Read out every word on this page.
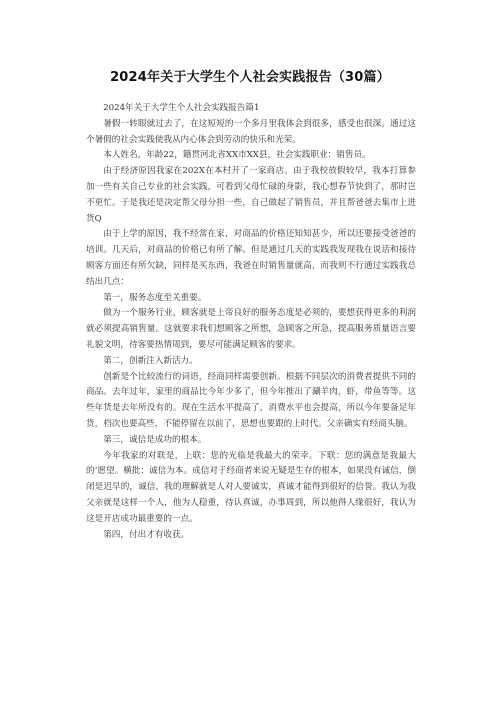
2024年关于大学生个人社会实践报告（30篇）

2024年关于大学生个人社会实践报告篇1

暑假一转眼就过去了，在这短短的一个多月里我体会到很多，感受也很深。通过这个暑假的社会实践使我从内心体会到劳动的快乐和光荣。

本人姓名，年龄22，籍贯河北省XX市XX县，社会实践职业：销售员。

由于经济原因我家在202X在本村开了一家商店。由于我校放假较早，我本打算参加一些有关自己专业的社会实践，可看到父母忙碌的身影，我心想春节快到了，那时岂不更忙。于是我还是决定帮父母分担一些，自己做起了销售员，并且帮爸爸去集市上进货Q

由于上学的原因，我不经常在家，对商品的价格还知知甚少，所以还要接受爸爸的培训。几天后，对商品的价格已有所了解。但是通过几天的实践我发现我在说话和接待顾客方面还有所欠缺，同样是买东西，我爸在时销售量就高，而我则不行通过实践我总结出几点：

第一，服务态度至关重要。

做为一个服务行业，顾客就是上帝良好的服务态度是必须的，要想获得更多的利润就必须提高销售量。这就要求我们想顾客之所想，急顾客之所急，提高服务质量语言要礼貌文明，待客要热情周到，要尽可能满足顾客的要求。

第二，创新注入新活力。

创新是个比较流行的词语，经商同样需要创新。根据不同层次的消费者提供不同的商品。去年过年，家里的商品比今年少多了，但今年推出了涮羊肉，虾，带鱼等等。这些年货是去年所没有的。现在生活水平提高了，消费水平也会提高，所以今年要备足年货，档次也要高些，不能停留在以前了，思想也要跟的上时代。父亲确实有经商头脑。

第三，诚信是成功的根本。

今年我家的对联是，上联：您的光临是我最大的荣幸。下联：您的满意是我最大的‘愿望。横批：诚信为本。成信对于经商者来说无疑是生存的根本，如果没有诚信，倒闭是迟早的，诚信，我的理解就是人对人要诚实，真诚才能得到很好的信誉。我认为我父亲就是这样一个人，他为人稳重，待认真诚，办事周到，所以他得人缘很好，我认为这是开店成功最重要的一点。

第四，付出才有收获。
